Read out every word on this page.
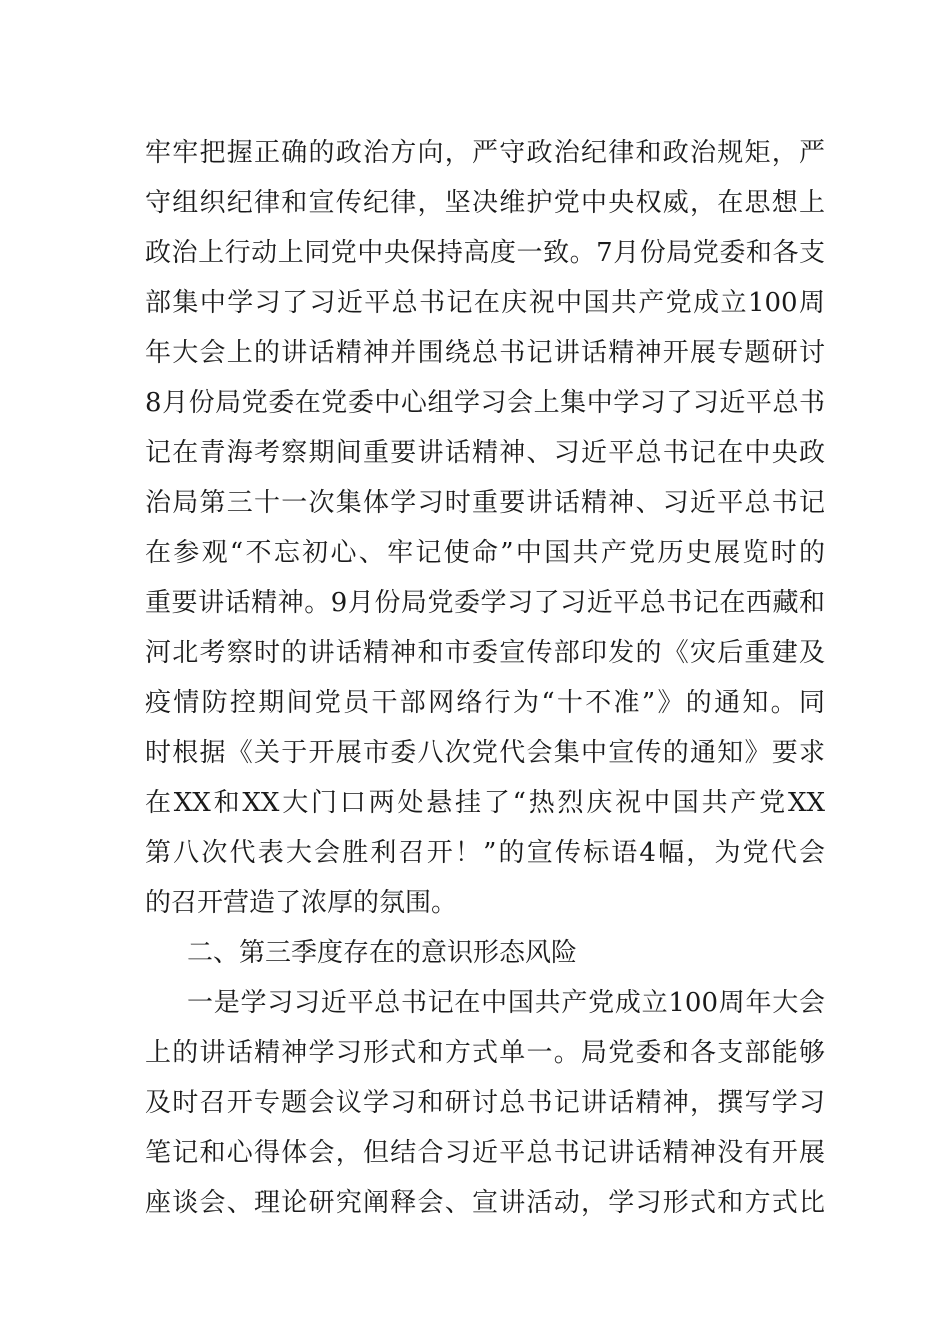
牢牢把握正确的政治方向，严守政治纪律和政治规矩，严
守组织纪律和宣传纪律，坚决维护党中央权威，在思想上
政治上行动上同党中央保持高度一致。7月份局党委和各支
部集中学习了习近平总书记在庆祝中国共产党成立100周
年大会上的讲话精神并围绕总书记讲话精神开展专题研讨
8月份局党委在党委中心组学习会上集中学习了习近平总书
记在青海考察期间重要讲话精神、习近平总书记在中央政
治局第三十一次集体学习时重要讲话精神、习近平总书记
在参观“不忘初心、牢记使命”中国共产党历史展览时的
重要讲话精神。9月份局党委学习了习近平总书记在西藏和
河北考察时的讲话精神和市委宣传部印发的《灾后重建及
疫情防控期间党员干部网络行为“十不准”》的通知。同
时根据《关于开展市委八次党代会集中宣传的通知》要求
在XX和XX大门口两处悬挂了“热烈庆祝中国共产党XX
第八次代表大会胜利召开！”的宣传标语4幅，为党代会
的召开营造了浓厚的氛围。
二、第三季度存在的意识形态风险
一是学习习近平总书记在中国共产党成立100周年大会
上的讲话精神学习形式和方式单一。局党委和各支部能够
及时召开专题会议学习和研讨总书记讲话精神，撰写学习
笔记和心得体会，但结合习近平总书记讲话精神没有开展
座谈会、理论研究阐释会、宣讲活动，学习形式和方式比
